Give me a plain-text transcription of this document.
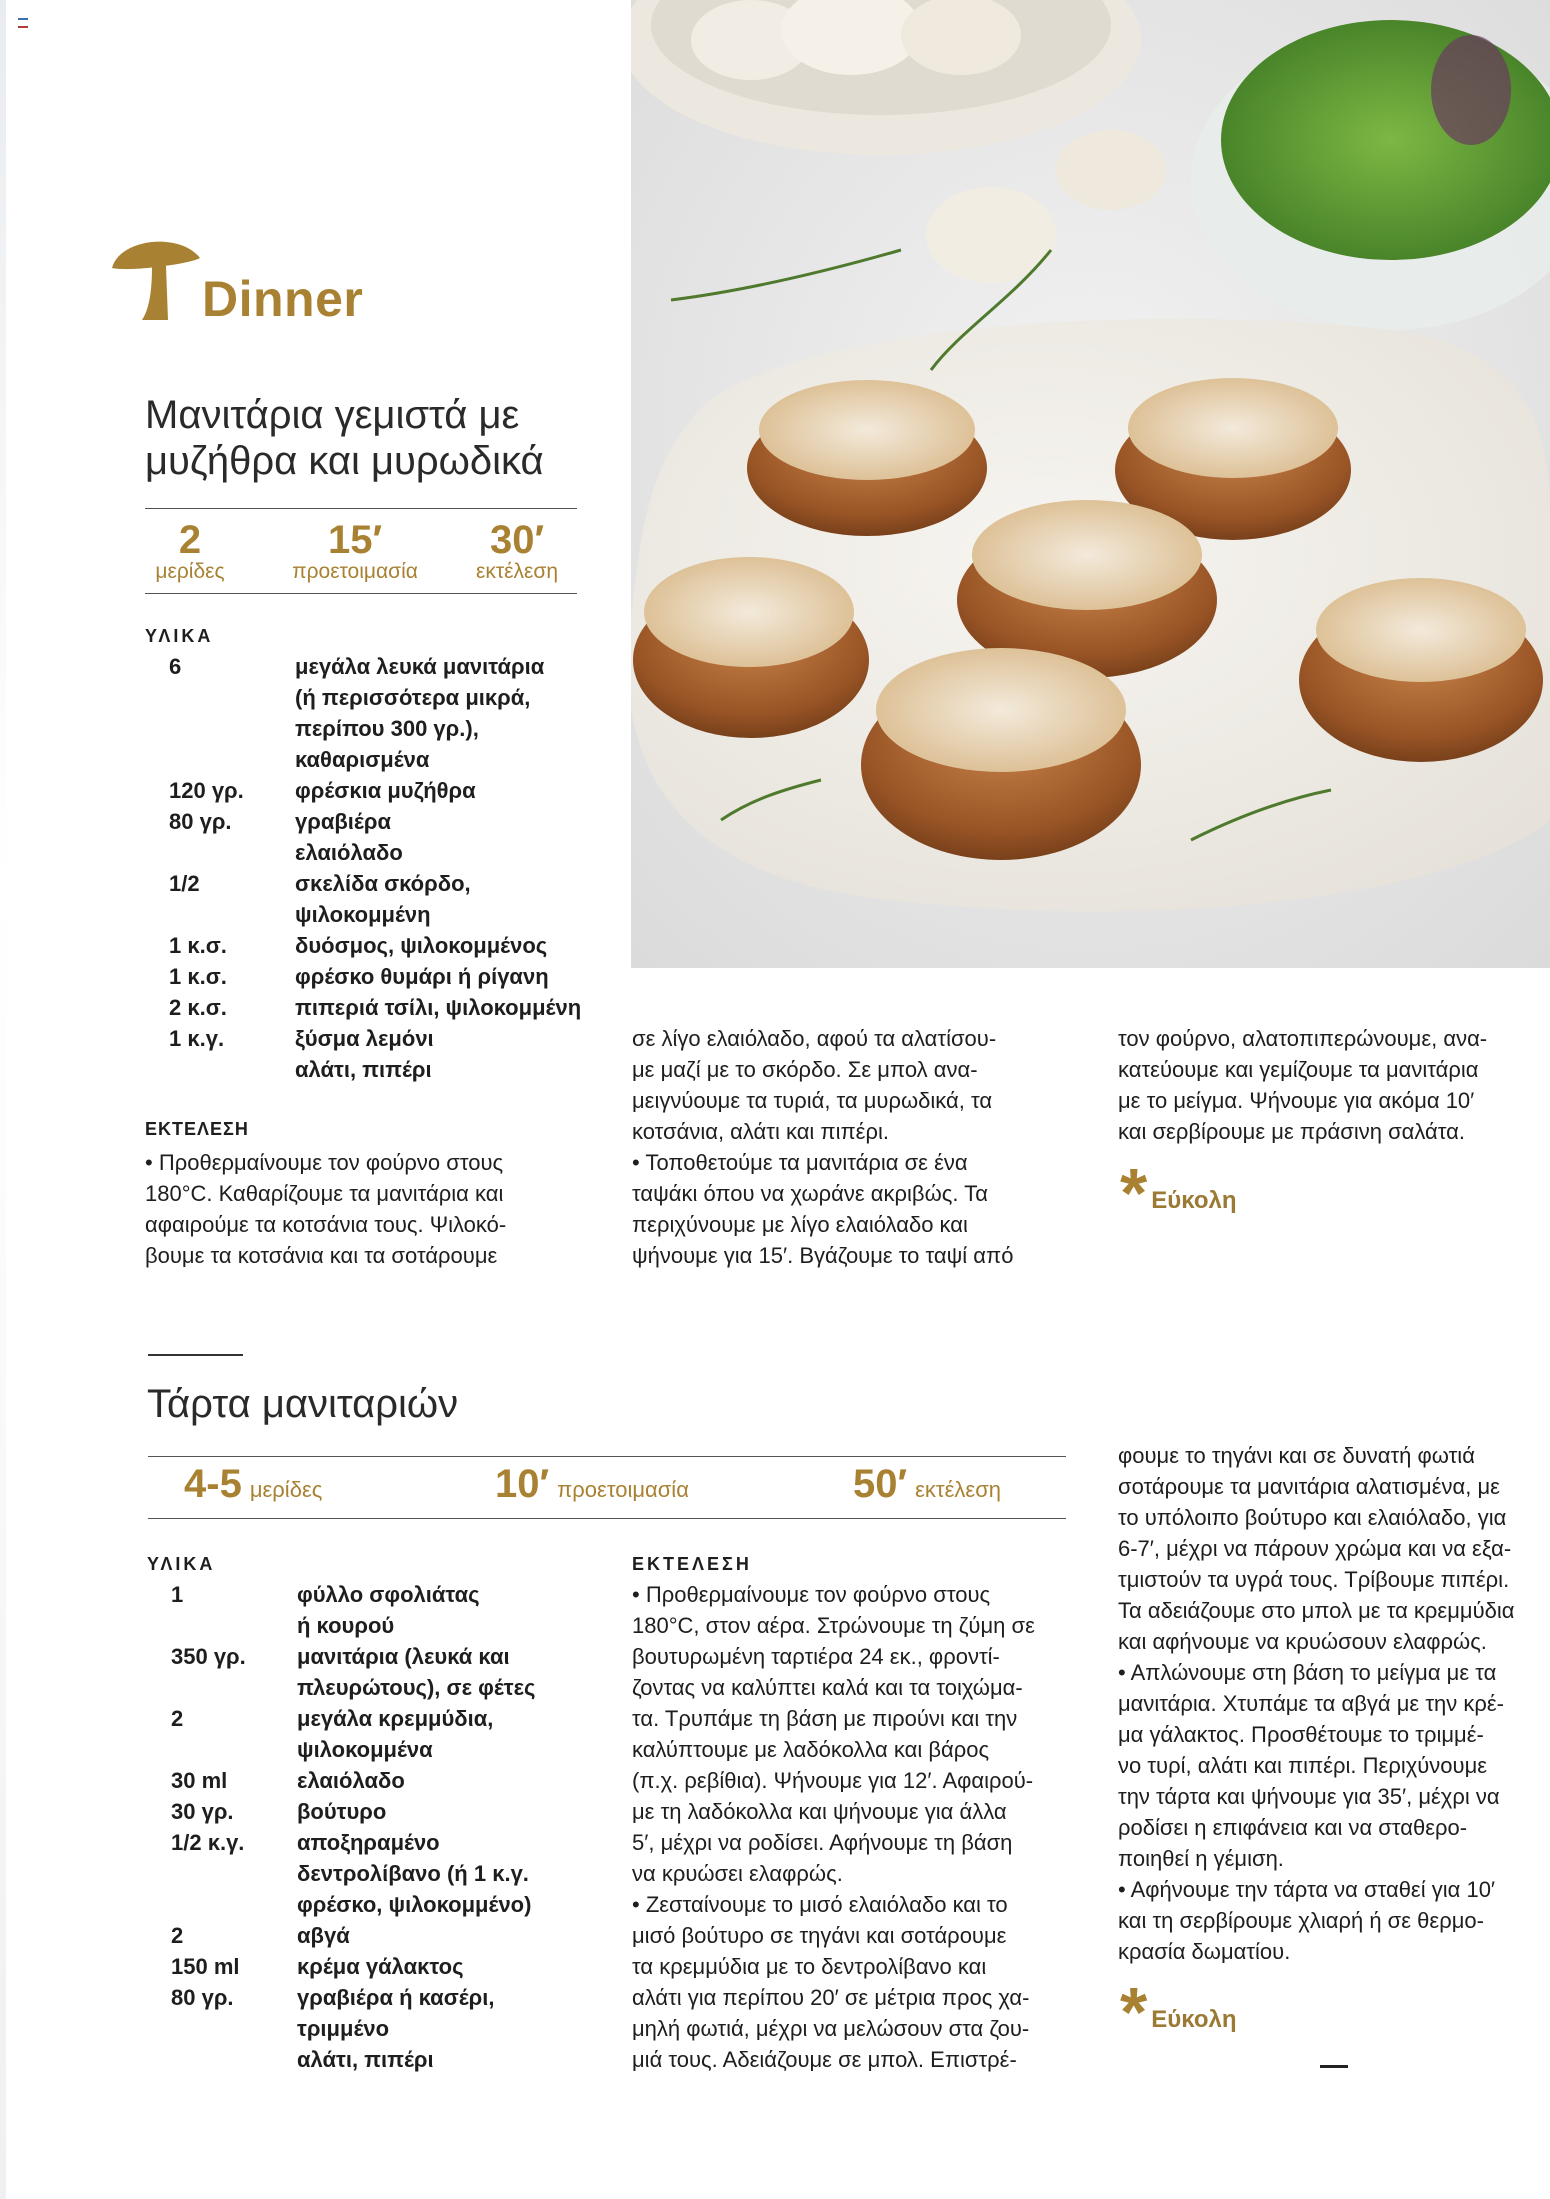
Dinner
Μανιτάρια γεμιστά με
μυζήθρα και μυρωδικά
2
μερίδες
15′
προετοιμασία
30′
εκτέλεση
ΥΛΙΚΑ
6	μεγάλα λευκά μανιτάρια
	(ή περισσότερα μικρά,
	περίπου 300 γρ.),
	καθαρισμένα
120 γρ.	φρέσκια μυζήθρα
80 γρ.	γραβιέρα
	ελαιόλαδο
1/2	σκελίδα σκόρδο,
	ψιλοκομμένη
1 κ.σ.	δυόσμος, ψιλοκομμένος
1 κ.σ.	φρέσκο θυμάρι ή ρίγανη
2 κ.σ.	πιπεριά τσίλι, ψιλοκομμένη
1 κ.γ.	ξύσμα λεμόνι
	αλάτι, πιπέρι
ΕΚΤΕΛΕΣΗ

• Προθερμαίνουμε τον φούρνο στους

180°C. Καθαρίζουμε τα μανιτάρια και

αφαιρούμε τα κοτσάνια τους. Ψιλοκό-

βουμε τα κοτσάνια και τα σοτάρουμε

σε λίγο ελαιόλαδο, αφού τα αλατίσου-

με μαζί με το σκόρδο. Σε μπολ ανα-

μειγνύουμε τα τυριά, τα μυρωδικά, τα

κοτσάνια, αλάτι και πιπέρι.

• Τοποθετούμε τα μανιτάρια σε ένα

ταψάκι όπου να χωράνε ακριβώς. Τα

περιχύνουμε με λίγο ελαιόλαδο και

ψήνουμε για 15′. Βγάζουμε το ταψί από

τον φούρνο, αλατοπιπερώνουμε, ανα-

κατεύουμε και γεμίζουμε τα μανιτάρια

με το μείγμα. Ψήνουμε για ακόμα 10′

και σερβίρουμε με πράσινη σαλάτα.

* Εύκολη
Τάρτα μανιταριών
4-5 μερίδες	10′ προετοιμασία	50′ εκτέλεση
ΥΛΙΚΑ
1	φύλλο σφολιάτας
	ή κουρού
350 γρ.	μανιτάρια (λευκά και
	πλευρώτους), σε φέτες
2	μεγάλα κρεμμύδια,
	ψιλοκομμένα
30 ml	ελαιόλαδο
30 γρ.	βούτυρο
1/2 κ.γ.	αποξηραμένο
	δεντρολίβανο (ή 1 κ.γ.
	φρέσκο, ψιλοκομμένο)
2	αβγά
150 ml	κρέμα γάλακτος
80 γρ.	γραβιέρα ή κασέρι,
	τριμμένο
	αλάτι, πιπέρι
ΕΚΤΕΛΕΣΗ

• Προθερμαίνουμε τον φούρνο στους

180°C, στον αέρα. Στρώνουμε τη ζύμη σε

βουτυρωμένη ταρτιέρα 24 εκ., φροντί-

ζοντας να καλύπτει καλά και τα τοιχώμα-

τα. Τρυπάμε τη βάση με πιρούνι και την

καλύπτουμε με λαδόκολλα και βάρος

(π.χ. ρεβίθια). Ψήνουμε για 12′. Αφαιρού-

με τη λαδόκολλα και ψήνουμε για άλλα

5′, μέχρι να ροδίσει. Αφήνουμε τη βάση

να κρυώσει ελαφρώς.

• Ζεσταίνουμε το μισό ελαιόλαδο και το

μισό βούτυρο σε τηγάνι και σοτάρουμε

τα κρεμμύδια με το δεντρολίβανο και

αλάτι για περίπου 20′ σε μέτρια προς χα-

μηλή φωτιά, μέχρι να μελώσουν στα ζου-

μιά τους. Αδειάζουμε σε μπολ. Επιστρέ-

φουμε το τηγάνι και σε δυνατή φωτιά

σοτάρουμε τα μανιτάρια αλατισμένα, με

το υπόλοιπο βούτυρο και ελαιόλαδο, για

6-7′, μέχρι να πάρουν χρώμα και να εξα-

τμιστούν τα υγρά τους. Τρίβουμε πιπέρι.

Τα αδειάζουμε στο μπολ με τα κρεμμύδια

και αφήνουμε να κρυώσουν ελαφρώς.

• Απλώνουμε στη βάση το μείγμα με τα

μανιτάρια. Χτυπάμε τα αβγά με την κρέ-

μα γάλακτος. Προσθέτουμε το τριμμέ-

νο τυρί, αλάτι και πιπέρι. Περιχύνουμε

την τάρτα και ψήνουμε για 35′, μέχρι να

ροδίσει η επιφάνεια και να σταθερο-

ποιηθεί η γέμιση.

• Αφήνουμε την τάρτα να σταθεί για 10′

και τη σερβίρουμε χλιαρή ή σε θερμο-

κρασία δωματίου.

* Εύκολη
